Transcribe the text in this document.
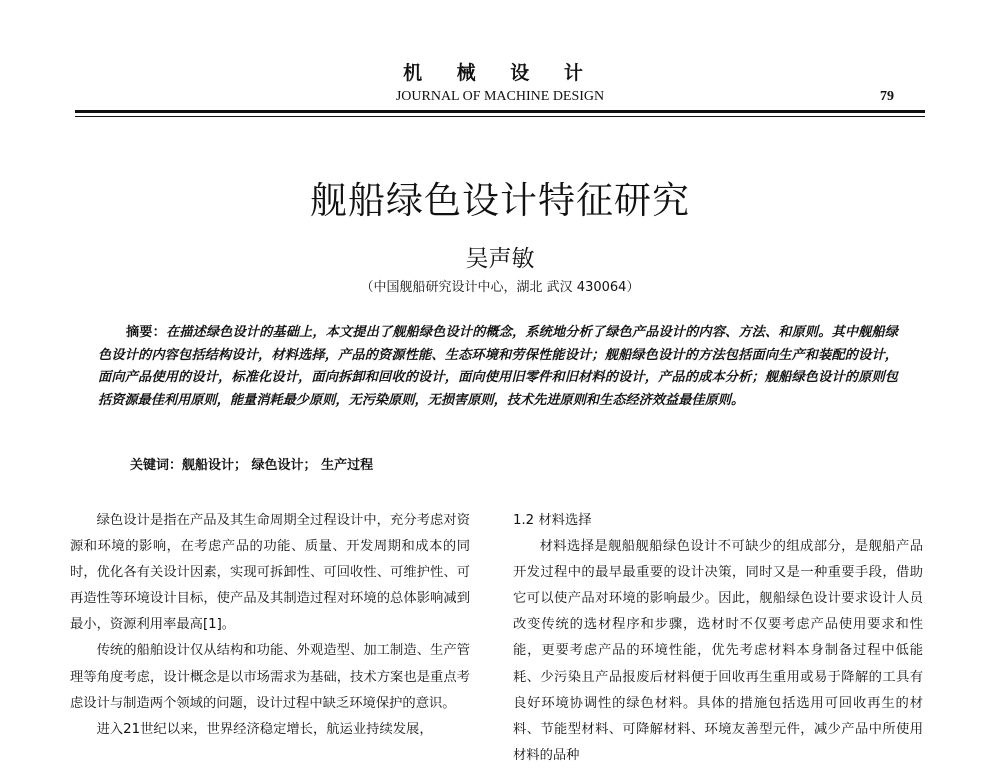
机 械 设 计
JOURNAL OF MACHINE DESIGN	79
舰船绿色设计特征研究
吴声敏
（中国舰船研究设计中心，湖北 武汉 430064）
摘要：在描述绿色设计的基础上，本文提出了舰船绿色设计的概念，系统地分析了绿色产品设计的内容、方法、和原则。其中舰船绿色设计的内容包括结构设计，材料选择，产品的资源性能、生态环境和劳保性能设计；舰船绿色设计的方法包括面向生产和装配的设计，面向产品使用的设计，标准化设计，面向拆卸和回收的设计，面向使用旧零件和旧材料的设计，产品的成本分析；舰船绿色设计的原则包括资源最佳利用原则，能量消耗最少原则，无污染原则，无损害原则，技术先进原则和生态经济效益最佳原则。
关键词：舰船设计； 绿色设计； 生产过程

绿色设计是指在产品及其生命周期全过程设计中，充分考虑对资源和环境的影响，在考虑产品的功能、质量、开发周期和成本的同时，优化各有关设计因素，实现可拆卸性、可回收性、可维护性、可再造性等环境设计目标，使产品及其制造过程对环境的总体影响减到最小，资源利用率最高[1]。

传统的船舶设计仅从结构和功能、外观造型、加工制造、生产管理等角度考虑，设计概念是以市场需求为基础，技术方案也是重点考虑设计与制造两个领域的问题，设计过程中缺乏环境保护的意识。

进入21世纪以来，世界经济稳定增长，航运业持续发展，

1.2 材料选择

材料选择是舰船舰船绿色设计不可缺少的组成部分，是舰船产品开发过程中的最早最重要的设计决策，同时又是一种重要手段，借助它可以使产品对环境的影响最少。因此，舰船绿色设计要求设计人员改变传统的选材程序和步骤，选材时不仅要考虑产品使用要求和性能，更要考虑产品的环境性能，优先考虑材料本身制备过程中低能耗、少污染且产品报废后材料便于回收再生重用或易于降解的工具有良好环境协调性的绿色材料。具体的措施包括选用可回收再生的材料、节能型材料、可降解材料、环境友善型元件，减少产品中所使用材料的品种
